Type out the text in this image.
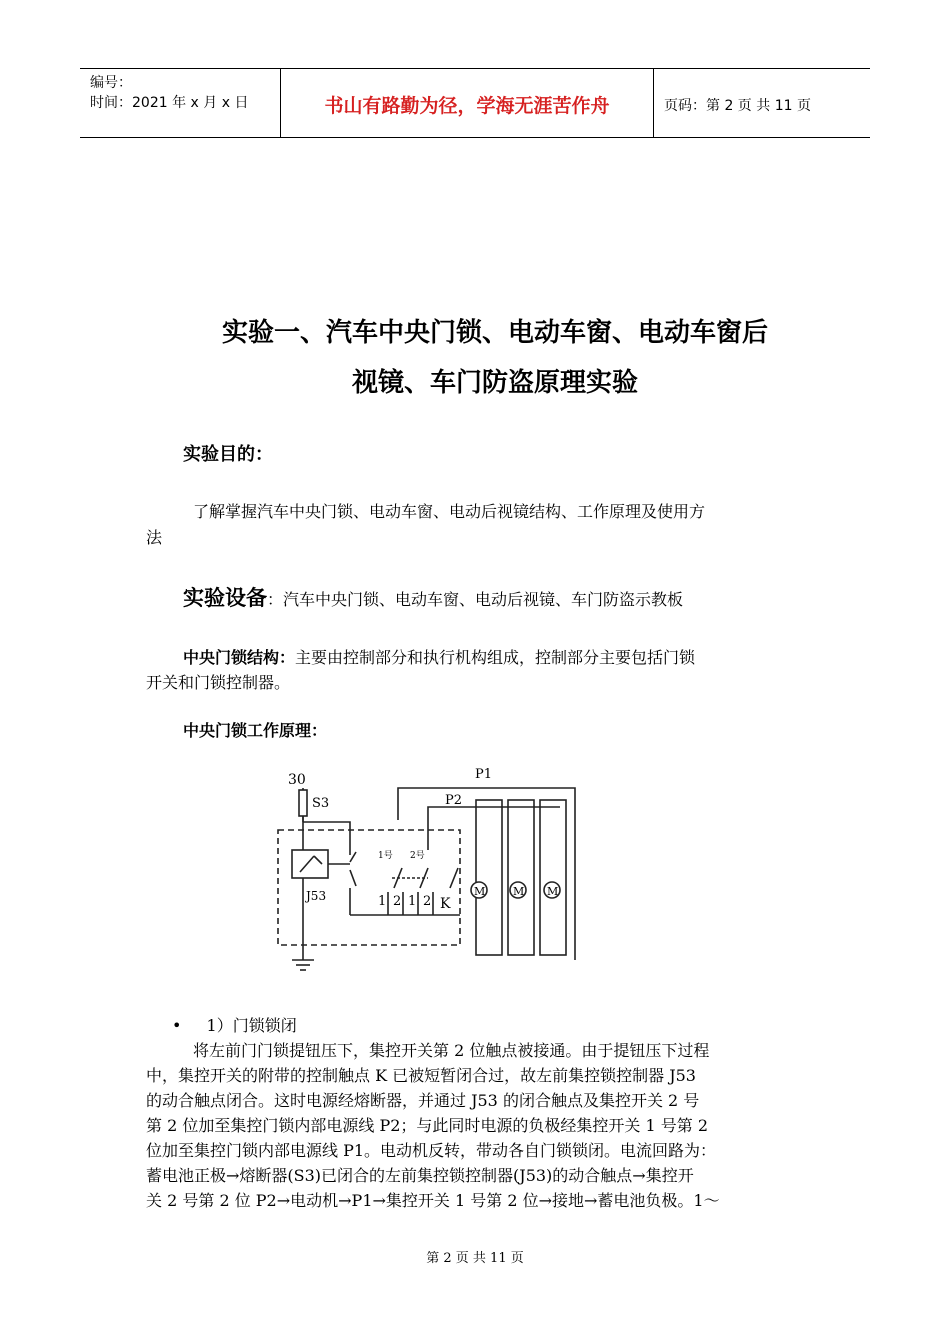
编号：
时间：2021 年 x 月 x 日	书山有路勤为径，学海无涯苦作舟	页码：第 2 页 共 11 页
实验一、汽车中央门锁、电动车窗、电动车窗后
视镜、车门防盗原理实验
实验目的：
了解掌握汽车中央门锁、电动车窗、电动后视镜结构、工作原理及使用方
法
实验设备：汽车中央门锁、电动车窗、电动后视镜、车门防盗示教板
中央门锁结构：主要由控制部分和执行机构组成，控制部分主要包括门锁
开关和门锁控制器。
中央门锁工作原理：
30
S3
P1
P2
J53
1号 2号
1 2 1 2 K
M	M M
• 1）门锁锁闭
将左前门门锁提钮压下，集控开关第 2 位触点被接通。由于提钮压下过程
中，集控开关的附带的控制触点 K 已被短暂闭合过，故左前集控锁控制器 J53
的动合触点闭合。这时电源经熔断器，并通过 J53 的闭合触点及集控开关 2 号
第 2 位加至集控门锁内部电源线 P2；与此同时电源的负极经集控开关 1 号第 2
位加至集控门锁内部电源线 P1。电动机反转，带动各自门锁锁闭。电流回路为：
蓄电池正极→熔断器(S3)已闭合的左前集控锁控制器(J53)的动合触点→集控开
关 2 号第 2 位 P2→电动机→P1→集控开关 1 号第 2 位→接地→蓄电池负极。1～
第 2 页 共 11 页
